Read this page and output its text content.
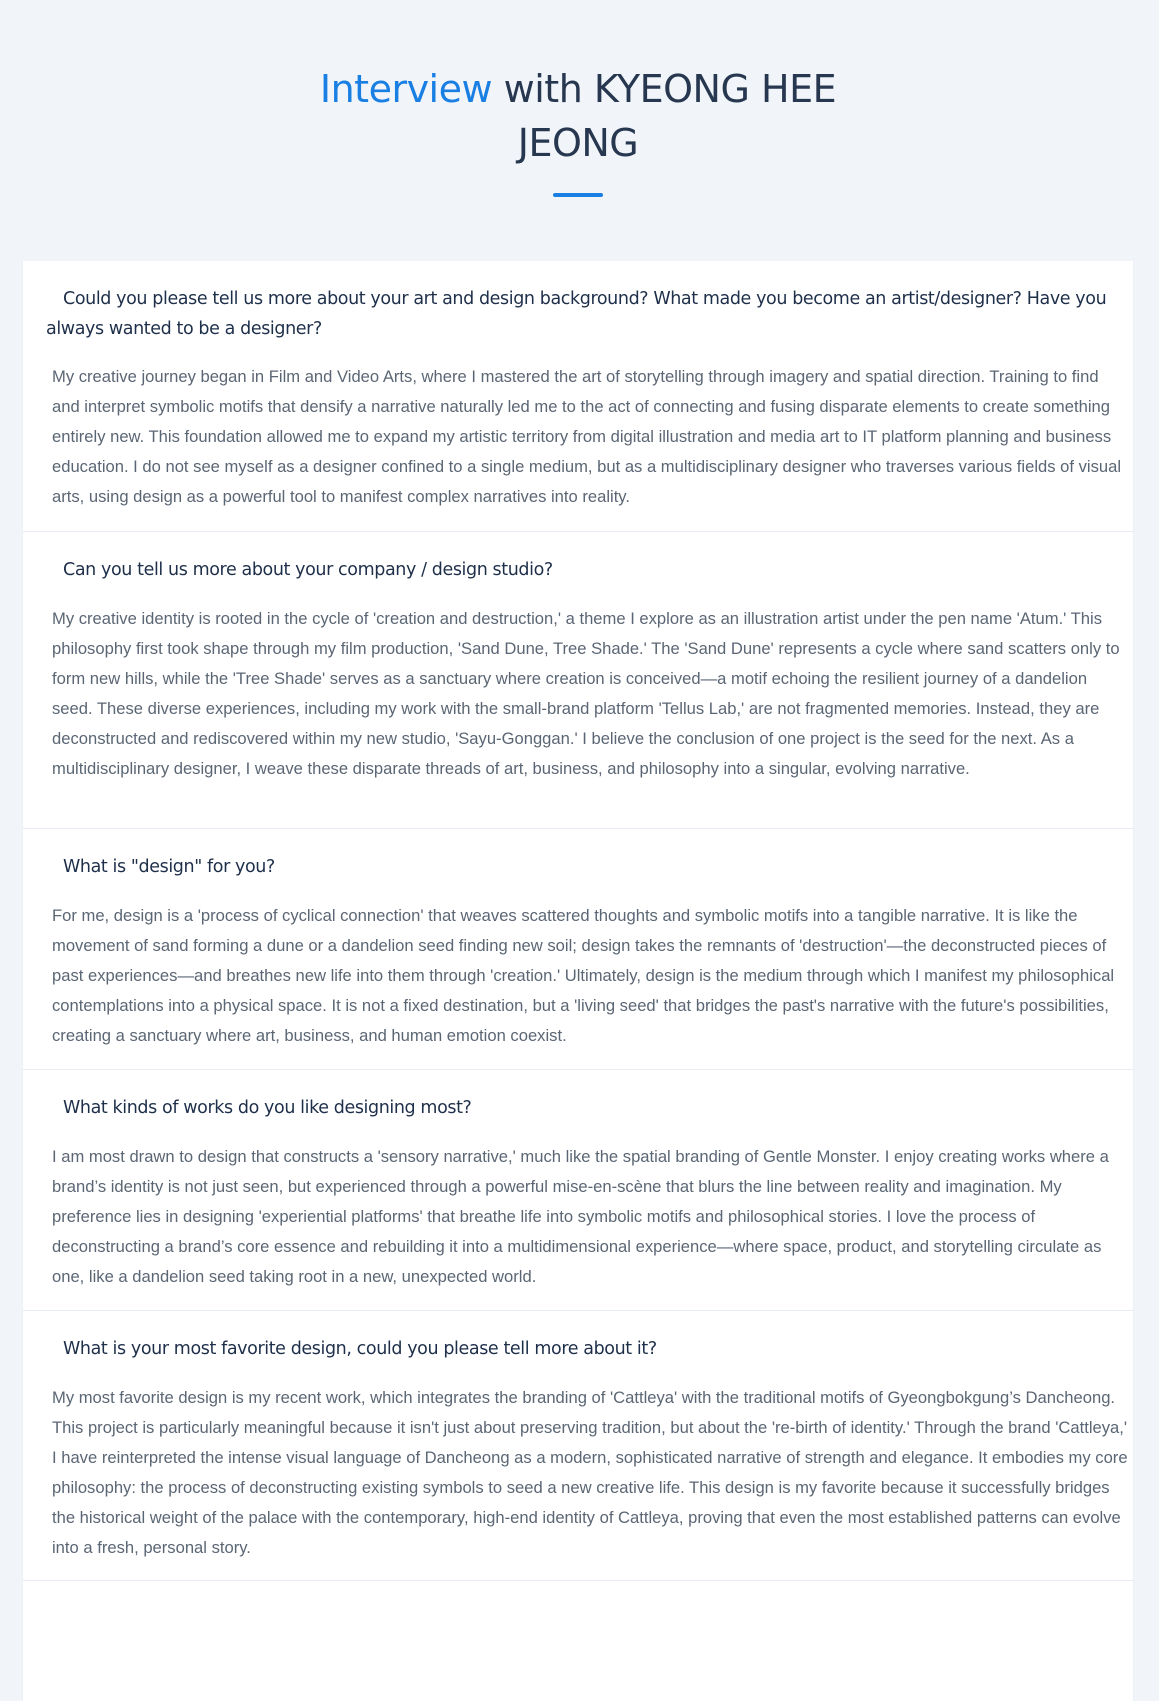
Interview with KYEONG HEE JEONG
Could you please tell us more about your art and design background? What made you become an artist/designer? Have you always wanted to be a designer?

My creative journey began in Film and Video Arts, where I mastered the art of storytelling through imagery and spatial direction. Training to find and interpret symbolic motifs that densify a narrative naturally led me to the act of connecting and fusing disparate elements to create something entirely new. This foundation allowed me to expand my artistic territory from digital illustration and media art to IT platform planning and business education. I do not see myself as a designer confined to a single medium, but as a multidisciplinary designer who traverses various fields of visual arts, using design as a powerful tool to manifest complex narratives into reality.

Can you tell us more about your company / design studio?

My creative identity is rooted in the cycle of 'creation and destruction,' a theme I explore as an illustration artist under the pen name 'Atum.' This philosophy first took shape through my film production, 'Sand Dune, Tree Shade.' The 'Sand Dune' represents a cycle where sand scatters only to form new hills, while the 'Tree Shade' serves as a sanctuary where creation is conceived—a motif echoing the resilient journey of a dandelion seed. These diverse experiences, including my work with the small-brand platform 'Tellus Lab,' are not fragmented memories. Instead, they are deconstructed and rediscovered within my new studio, 'Sayu-Gonggan.' I believe the conclusion of one project is the seed for the next. As a multidisciplinary designer, I weave these disparate threads of art, business, and philosophy into a singular, evolving narrative.

What is "design" for you?

For me, design is a 'process of cyclical connection' that weaves scattered thoughts and symbolic motifs into a tangible narrative. It is like the movement of sand forming a dune or a dandelion seed finding new soil; design takes the remnants of 'destruction'—the deconstructed pieces of past experiences—and breathes new life into them through 'creation.' Ultimately, design is the medium through which I manifest my philosophical contemplations into a physical space. It is not a fixed destination, but a 'living seed' that bridges the past's narrative with the future's possibilities, creating a sanctuary where art, business, and human emotion coexist.

What kinds of works do you like designing most?

I am most drawn to design that constructs a 'sensory narrative,' much like the spatial branding of Gentle Monster. I enjoy creating works where a brand’s identity is not just seen, but experienced through a powerful mise-en-scène that blurs the line between reality and imagination. My preference lies in designing 'experiential platforms' that breathe life into symbolic motifs and philosophical stories. I love the process of deconstructing a brand’s core essence and rebuilding it into a multidimensional experience—where space, product, and storytelling circulate as one, like a dandelion seed taking root in a new, unexpected world.

What is your most favorite design, could you please tell more about it?

My most favorite design is my recent work, which integrates the branding of 'Cattleya' with the traditional motifs of Gyeongbokgung’s Dancheong. This project is particularly meaningful because it isn't just about preserving tradition, but about the 're-birth of identity.' Through the brand 'Cattleya,' I have reinterpreted the intense visual language of Dancheong as a modern, sophisticated narrative of strength and elegance. It embodies my core philosophy: the process of deconstructing existing symbols to seed a new creative life. This design is my favorite because it successfully bridges the historical weight of the palace with the contemporary, high-end identity of Cattleya, proving that even the most established patterns can evolve into a fresh, personal story.
